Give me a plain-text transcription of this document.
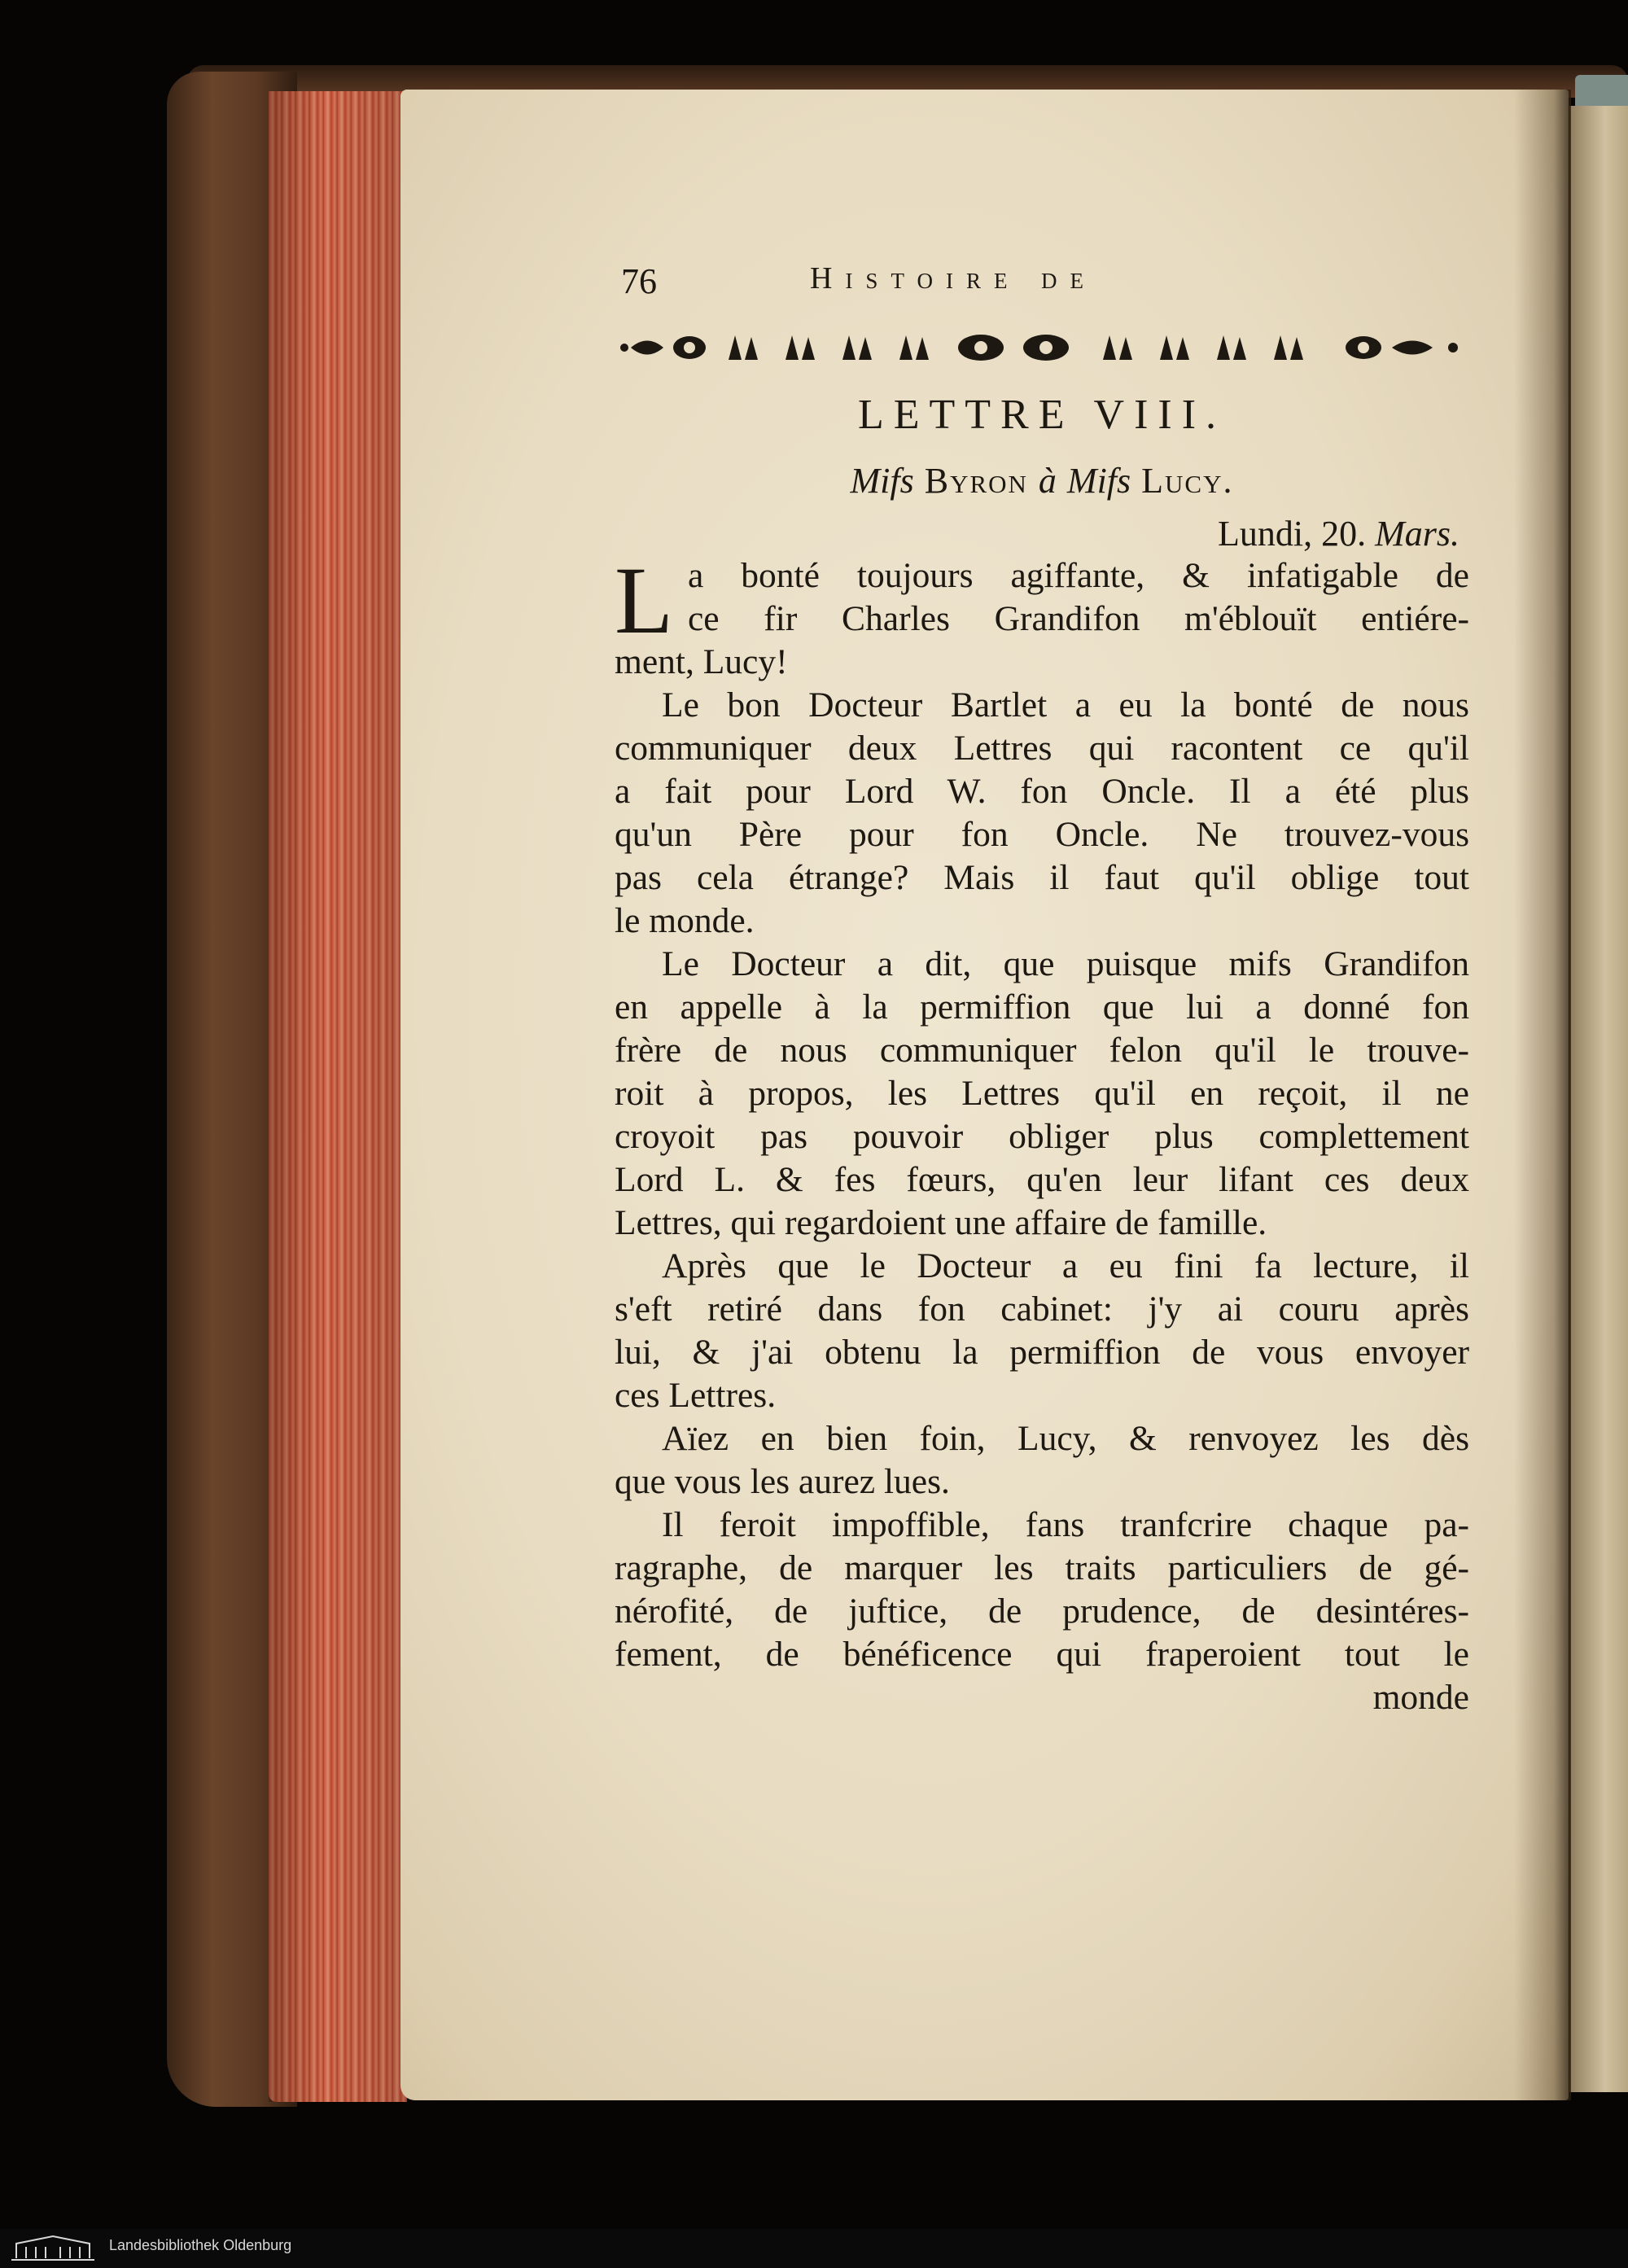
76	Histoire de
LETTRE VIII.
Mifs Byron à Mifs Lucy.
Lundi, 20. Mars.
L a bonté toujours agiffante, & infatigable de
ce fir Charles Grandifon m'éblouït entiére-
ment, Lucy!
Le bon Docteur Bartlet a eu la bonté de nous
communiquer deux Lettres qui racontent ce qu'il
a fait pour Lord W. fon Oncle. Il a été plus
qu'un Père pour fon Oncle. Ne trouvez-vous
pas cela étrange? Mais il faut qu'il oblige tout
le monde.
Le Docteur a dit, que puisque mifs Grandifon
en appelle à la permiffion que lui a donné fon
frère de nous communiquer felon qu'il le trouve-
roit à propos, les Lettres qu'il en reçoit, il ne
croyoit pas pouvoir obliger plus complettement
Lord L. & fes fœurs, qu'en leur lifant ces deux
Lettres, qui regardoient une affaire de famille.
Après que le Docteur a eu fini fa lecture, il
s'eft retiré dans fon cabinet: j'y ai couru après
lui, & j'ai obtenu la permiffion de vous envoyer
ces Lettres.
Aïez en bien foin, Lucy, & renvoyez les dès
que vous les aurez lues.
Il feroit impoffible, fans tranfcrire chaque pa-
ragraphe, de marquer les traits particuliers de gé-
nérofité, de juftice, de prudence, de desintéres-
fement, de bénéficence qui fraperoient tout le
monde
Landesbibliothek Oldenburg
